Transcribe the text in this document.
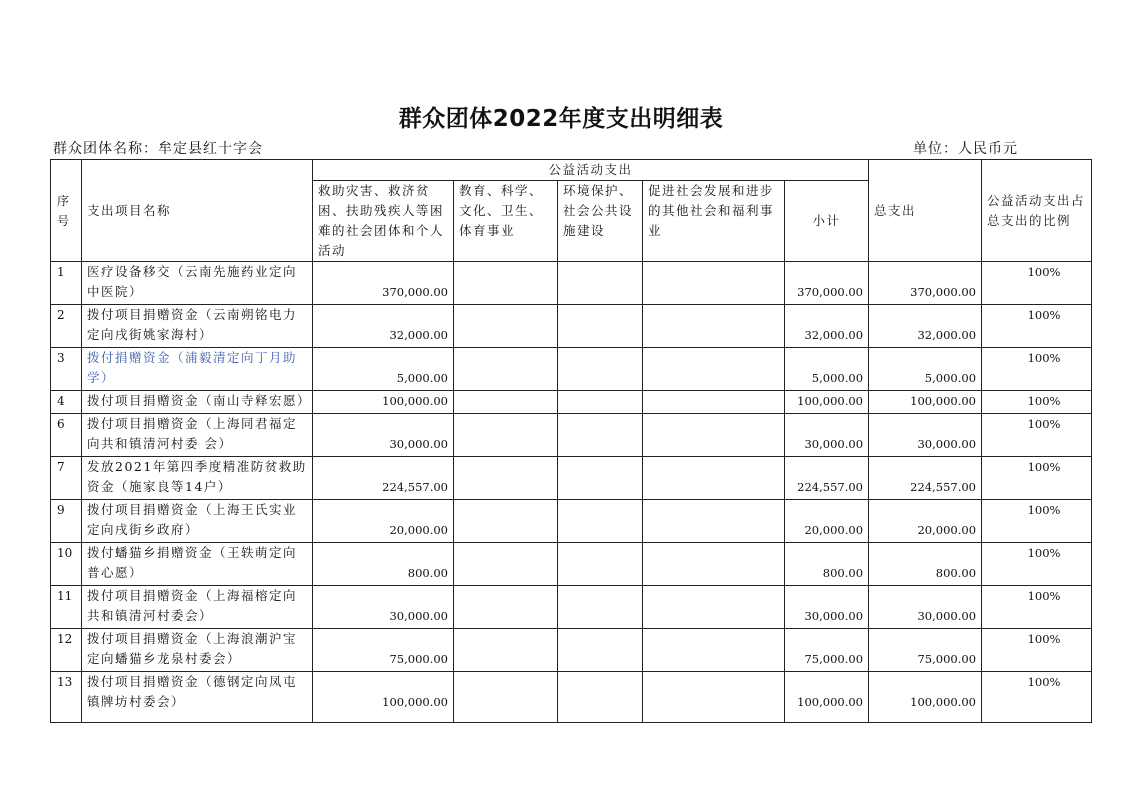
群众团体2022年度支出明细表
群众团体名称：牟定县红十字会	单位：人民币元
序号	支出项目名称	公益活动支出					总支出	公益活动支出占总支出的比例
		救助灾害、救济贫困、扶助残疾人等困难的社会团体和个人活动	教育、科学、文化、卫生、体育事业	环境保护、社会公共设施建设	促进社会发展和进步的其他社会和福利事业	小计		
1	医疗设备移交（云南先施药业定向中医院）	370,000.00				370,000.00	370,000.00	100%
2	拨付项目捐赠资金（云南朔铭电力定向戌街姚家海村）	32,000.00				32,000.00	32,000.00	100%
3	拨付捐赠资金（浦毅清定向丁月助学）	5,000.00				5,000.00	5,000.00	100%
4	拨付项目捐赠资金（南山寺释宏愿）	100,000.00				100,000.00	100,000.00	100%
6	拨付项目捐赠资金（上海同君福定向共和镇清河村委 会）	30,000.00				30,000.00	30,000.00	100%
7	发放2021年第四季度精准防贫救助资金（施家良等14户）	224,557.00				224,557.00	224,557.00	100%
9	拨付项目捐赠资金（上海王氏实业定向戌街乡政府）	20,000.00				20,000.00	20,000.00	100%
10	拨付蟠猫乡捐赠资金（王轶萌定向普心愿）	800.00				800.00	800.00	100%
11	拨付项目捐赠资金（上海福榕定向共和镇清河村委会）	30,000.00				30,000.00	30,000.00	100%
12	拨付项目捐赠资金（上海浪潮沪宝定向蟠猫乡龙泉村委会）	75,000.00				75,000.00	75,000.00	100%
13	拨付项目捐赠资金（德钢定向凤屯镇牌坊村委会）	100,000.00				100,000.00	100,000.00	100%
